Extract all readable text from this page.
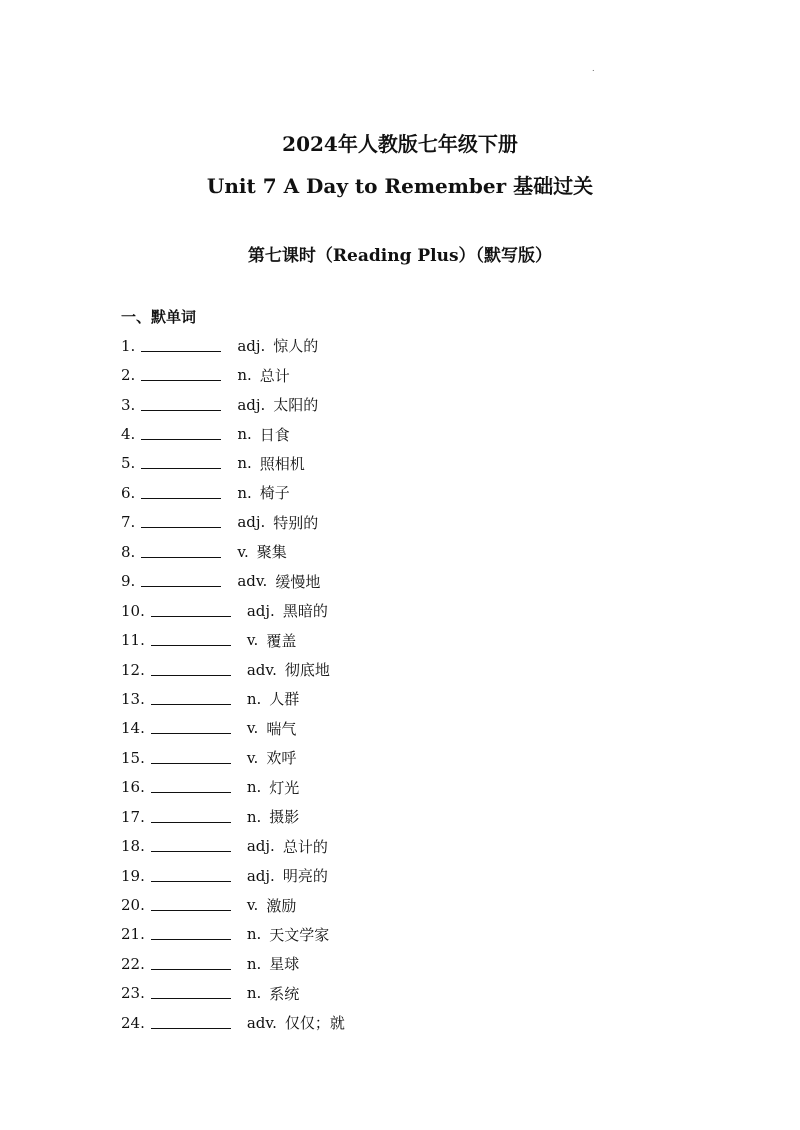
.
2024年人教版七年级下册
Unit 7 A Day to Remember 基础过关
第七课时（Reading Plus）（默写版）
一、默单词
1.	adj. 惊人的
2.	n. 总计
3.	adj. 太阳的
4.	n. 日食
5.	n. 照相机
6.	n. 椅子
7.	adj. 特别的
8.	v. 聚集
9.	adv. 缓慢地
10.	adj. 黑暗的
11.	v. 覆盖
12.	adv. 彻底地
13.	n. 人群
14.	v. 喘气
15.	v. 欢呼
16.	n. 灯光
17.	n. 摄影
18.	adj. 总计的
19.	adj. 明亮的
20.	v. 激励
21.	n. 天文学家
22.	n. 星球
23.	n. 系统
24.	adv. 仅仅；就
